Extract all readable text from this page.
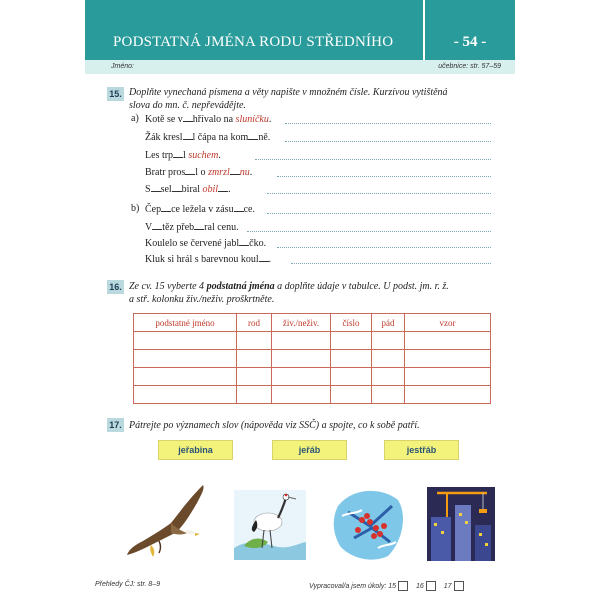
PODSTATNÁ JMÉNA RODU STŘEDNÍHO	- 54 -
Jméno:	učebnice: str. 57–59
15. Doplňte vynechaná písmena a věty napište v množném čísle. Kurzívou vytištěná
slova do mn. č. nepřevádějte.
a) Kotě se v hřívalo na sluníčku.
Žák kresl l čápa na kom ně.
Les trp l suchem.
Bratr pros l o zmrzl nu.
S sel biral obil .
b) Čep ce ležela v zásu ce.
V těz přeb ral cenu.
Koulelo se červené jabl čko.
Kluk si hrál s barevnou koul .
16. Ze cv. 15 vyberte 4 podstatná jména a doplňte údaje v tabulce. U podst. jm. r. ž.
a stř. kolonku živ./neživ. proškrtněte.
podstatné jméno	rod	živ./neživ.	číslo	pád	vzor

17. Pátrejte po významech slov (nápověda viz SSČ) a spojte, co k sobě patří.
jeřabina	jeřáb	jestřáb
Přehledy ČJ: str. 8–9	Vypracoval/a jsem úkoly: 15	16	17
